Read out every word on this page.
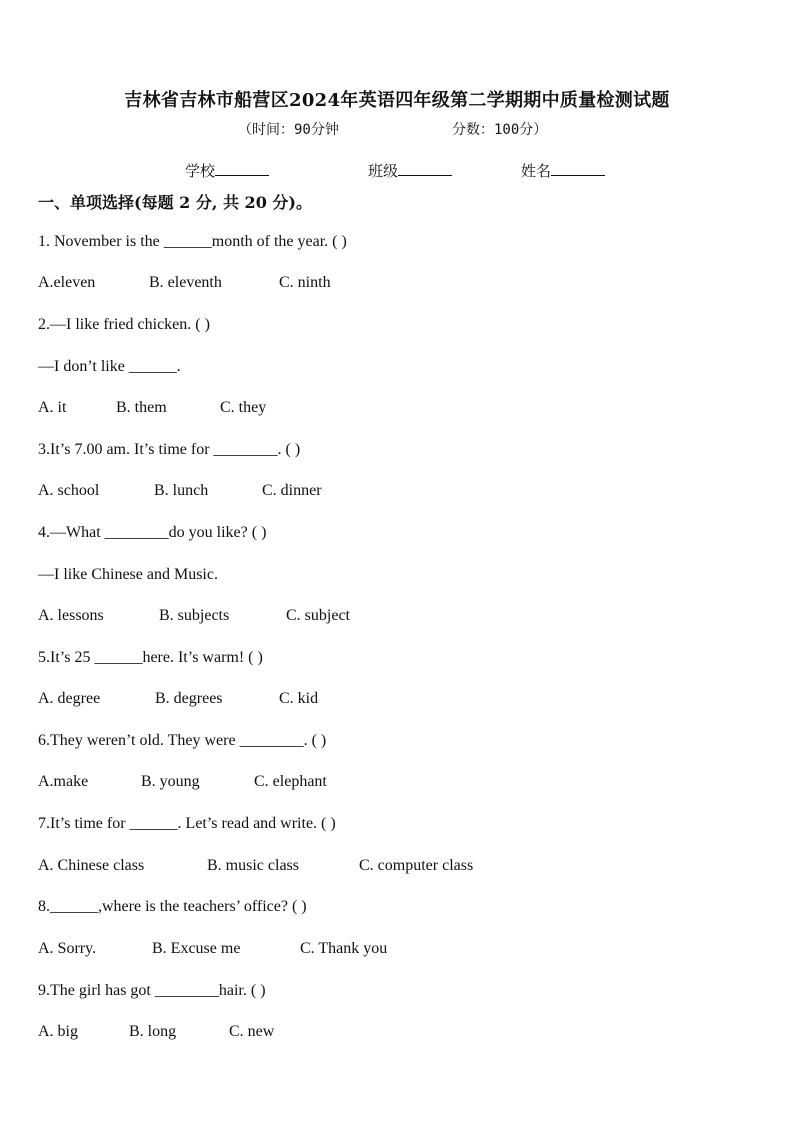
吉林省吉林市船营区2024年英语四年级第二学期期中质量检测试题
（时间：90分钟	分数：100分）
学校	班级	姓名
一、单项选择(每题 2 分, 共 20 分)。
1. November is the ______month of the year. ( )
A.eleven	B. eleventh	C. ninth
2.—I like fried chicken. ( )
—I don’t like ______.
A. it	B. them	C. they
3.It’s 7.00 am. It’s time for ________. ( )
A. school	B. lunch	C. dinner
4.—What ________do you like? ( )
—I like Chinese and Music.
A. lessons	B. subjects	C. subject
5.It’s 25 ______here. It’s warm! ( )
A. degree	B. degrees	C. kid
6.They weren’t old. They were ________. ( )
A.make	B. young	C. elephant
7.It’s time for ______. Let’s read and write. ( )
A. Chinese class	B. music class	C. computer class
8.______,where is the teachers’ office? ( )
A. Sorry.	B. Excuse me	C. Thank you
9.The girl has got ________hair. ( )
A. big	B. long	C. new
